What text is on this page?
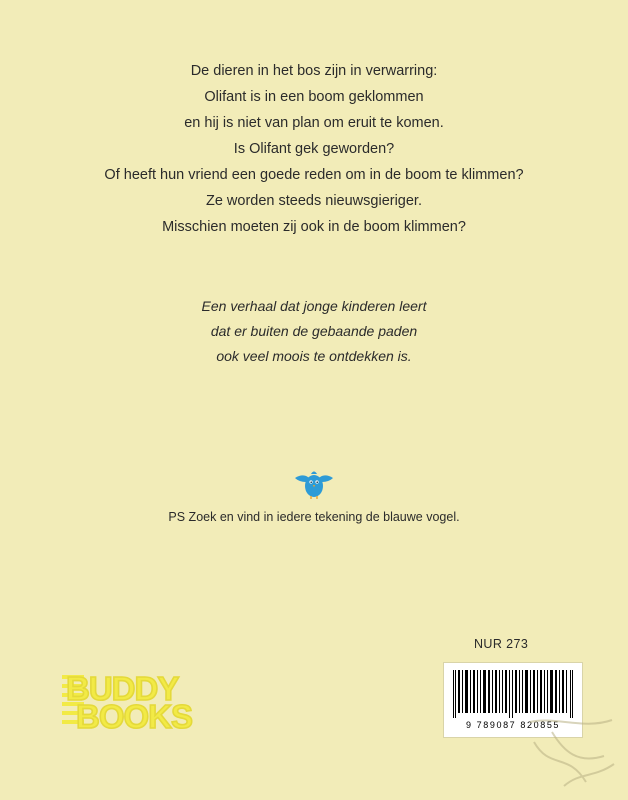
De dieren in het bos zijn in verwarring:
Olifant is in een boom geklommen
en hij is niet van plan om eruit te komen.
Is Olifant gek geworden?
Of heeft hun vriend een goede reden om in de boom te klimmen?
Ze worden steeds nieuwsgieriger.
Misschien moeten zij ook in de boom klimmen?
Een verhaal dat jonge kinderen leert
dat er buiten de gebaande paden
ook veel moois te ontdekken is.
PS Zoek en vind in iedere tekening de blauwe vogel.
NUR 273
9 789087 820855
BUDDY
BOOKS
